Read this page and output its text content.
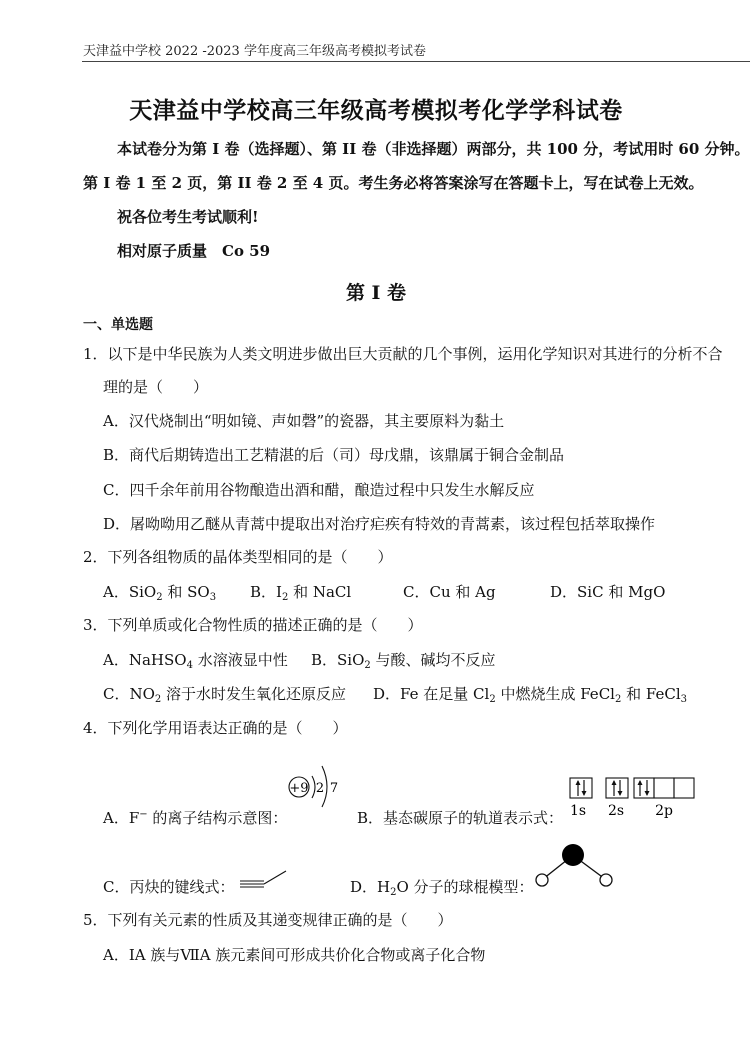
天津益中学校 2022 -2023 学年度高三年级高考模拟考试卷
天津益中学校高三年级高考模拟考化学学科试卷
本试卷分为第 I 卷（选择题）、第 II 卷（非选择题）两部分，共 100 分，考试用时 60 分钟。
第 I 卷 1 至 2 页，第 II 卷 2 至 4 页。考生务必将答案涂写在答题卡上，写在试卷上无效。
祝各位考生考试顺利!
相对原子质量　Co 59
第 I 卷
一、单选题
1．以下是中华民族为人类文明进步做出巨大贡献的几个事例，运用化学知识对其进行的分析不合
理的是（　　）
A．汉代烧制出“明如镜、声如磬”的瓷器，其主要原料为黏土
B．商代后期铸造出工艺精湛的后（司）母戊鼎，该鼎属于铜合金制品
C．四千余年前用谷物酿造出酒和醋，酿造过程中只发生水解反应
D．屠呦呦用乙醚从青蒿中提取出对治疗疟疾有特效的青蒿素，该过程包括萃取操作
2．下列各组物质的晶体类型相同的是（　　）
A．SiO$_2$ 和 $SO_3$ B．$I_2$ 和 NaCl	C．Cu 和 Ag	D．SiC 和 MgO
3．下列单质或化合物性质的描述正确的是（　　）
A．NaHSO$_4$ 水溶液显中性 B．SiO$_2$ 与酸、碱均不反应
C．$NO_2$ 溶于水时发生氧化还原反应 D．Fe 在足量 $Cl_2$ 中燃烧生成 FeCl$_2$ 和 FeCl$_3$
4．下列化学用语表达正确的是（　　）
A．F− 的离子结构示意图：
+9 2 7
B．基态碳原子的轨道表示式： 1s 2s 2p
C．丙炔的键线式：	D．$H_2O$ 分子的球棍模型：
5．下列有关元素的性质及其递变规律正确的是（　　）
A．ⅠA 族与ⅦA 族元素间可形成共价化合物或离子化合物
